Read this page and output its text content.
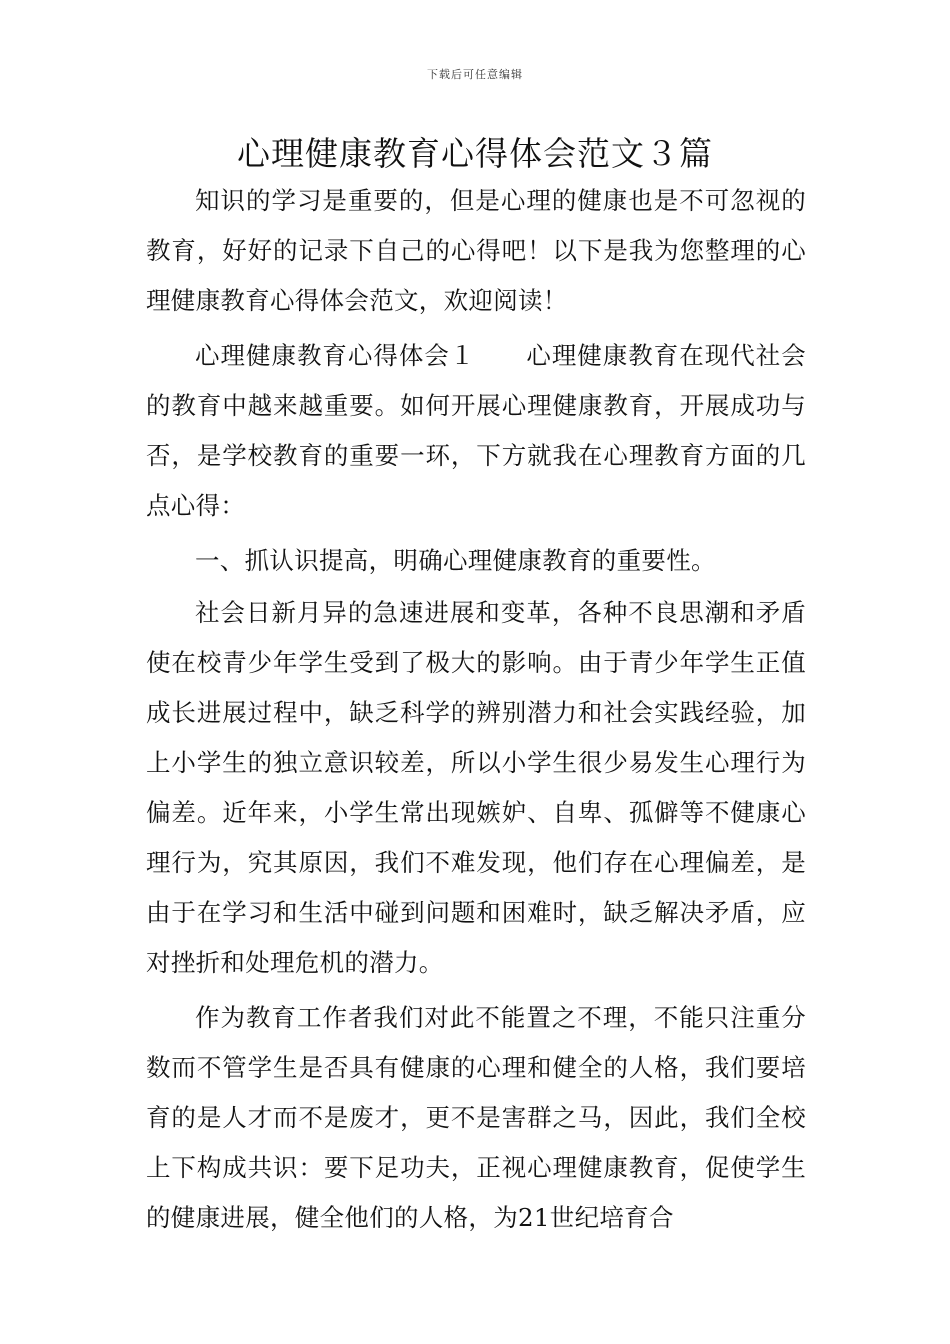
下载后可任意编辑
心理健康教育心得体会范文３篇

知识的学习是重要的，但是心理的健康也是不可忽视的教育，好好的记录下自己的心得吧！以下是我为您整理的心理健康教育心得体会范文，欢迎阅读！

心理健康教育心得体会１　　心理健康教育在现代社会的教育中越来越重要。如何开展心理健康教育，开展成功与否，是学校教育的重要一环，下方就我在心理教育方面的几点心得：

一、抓认识提高，明确心理健康教育的重要性。

社会日新月异的急速进展和变革，各种不良思潮和矛盾使在校青少年学生受到了极大的影响。由于青少年学生正值成长进展过程中，缺乏科学的辨别潜力和社会实践经验，加上小学生的独立意识较差，所以小学生很少易发生心理行为偏差。近年来，小学生常出现嫉妒、自卑、孤僻等不健康心理行为，究其原因，我们不难发现，他们存在心理偏差，是由于在学习和生活中碰到问题和困难时，缺乏解决矛盾，应对挫折和处理危机的潜力。

作为教育工作者我们对此不能置之不理，不能只注重分数而不管学生是否具有健康的心理和健全的人格，我们要培育的是人才而不是废才，更不是害群之马，因此，我们全校上下构成共识：要下足功夫，正视心理健康教育，促使学生的健康进展，健全他们的人格，为21世纪培育合
